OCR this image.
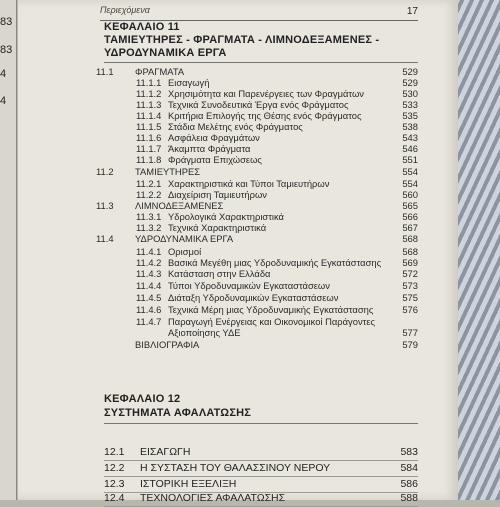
83
83
4
4
Περιεχόμενα	17
ΚΕΦΑΛΑΙΟ 11
ΤΑΜΙΕΥΤΗΡΕΣ - ΦΡΑΓΜΑΤΑ - ΛΙΜΝΟΔΕΞΑΜΕΝΕΣ -
ΥΔΡΟΔΥΝΑΜΙΚΑ ΕΡΓΑ
11.1 ΦΡΑΓΜΑΤΑ	529
11.1.1 Εισαγωγή	529
11.1.2 Χρησιμότητα και Παρενέργειες των Φραγμάτων	530
11.1.3 Τεχνικά Συνοδευτικά Έργα ενός Φράγματος	533
11.1.4 Κριτήρια Επιλογής της Θέσης ενός Φράγματος	535
11.1.5 Στάδια Μελέτης ενός Φράγματος	538
11.1.6 Ασφάλεια Φραγμάτων	543
11.1.7 Άκαμπτα Φράγματα	546
11.1.8 Φράγματα Επιχώσεως	551
11.2 ΤΑΜΙΕΥΤΗΡΕΣ	554
11.2.1 Χαρακτηριστικά και Τύποι Ταμιευτήρων	554
11.2.2 Διαχείριση Ταμιευτήρων	560
11.3 ΛΙΜΝΟΔΕΞΑΜΕΝΕΣ	565
11.3.1 Υδρολογικά Χαρακτηριστικά	566
11.3.2 Τεχνικά Χαρακτηριστικά	567
11.4 ΥΔΡΟΔΥΝΑΜΙΚΑ ΕΡΓΑ	568
11.4.1 Ορισμοί	568
11.4.2 Βασικά Μεγέθη μιας Υδροδυναμικής Εγκατάστασης 569
11.4.3 Κατάσταση στην Ελλάδα	572
11.4.4 Τύποι Υδροδυναμικών Εγκαταστάσεων	573
11.4.5 Διάταξη Υδροδυναμικών Εγκαταστάσεων	575
11.4.6 Τεχνικά Μέρη μιας Υδροδυναμικής Εγκατάστασης	576
11.4.7 Παραγωγή Ενέργειας και Οικονομικοί Παράγοντες
Αξιοποίησης ΥΔΕ	577
ΒΙΒΛΙΟΓΡΑΦΙΑ	579
ΚΕΦΑΛΑΙΟ 12
ΣΥΣΤΗΜΑΤΑ ΑΦΑΛΑΤΩΣΗΣ
12.1 ΕΙΣΑΓΩΓΗ	583
12.2 Η ΣΥΣΤΑΣΗ ΤΟΥ ΘΑΛΑΣΣΙΝΟΥ ΝΕΡΟΥ	584
12.3 ΙΣΤΟΡΙΚΗ ΕΞΕΛΙΞΗ	586
12.4 ΤΕΧΝΟΛΟΓΙΕΣ ΑΦΑΛΑΤΩΣΗΣ	588
